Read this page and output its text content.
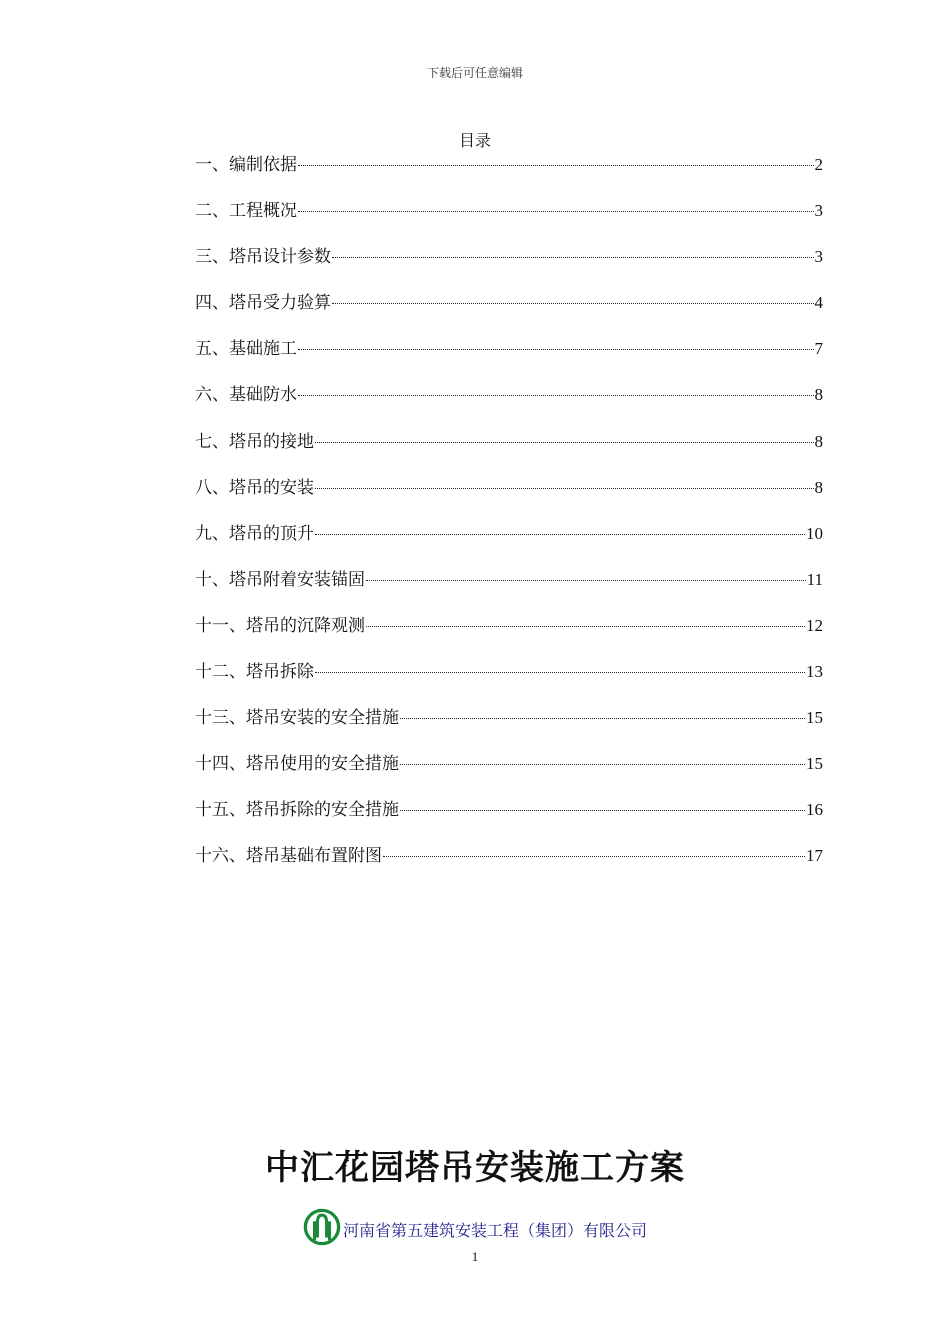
下载后可任意编辑
目录
一、编制依据	2
二、工程概况	3
三、塔吊设计参数	3
四、塔吊受力验算	4
五、基础施工	7
六、基础防水	8
七、塔吊的接地	8
八、塔吊的安装	8
九、塔吊的顶升	10
十、塔吊附着安装锚固	11
十一、塔吊的沉降观测	12
十二、塔吊拆除	13
十三、塔吊安装的安全措施	15
十四、塔吊使用的安全措施	15
十五、塔吊拆除的安全措施	16
十六、塔吊基础布置附图	17
中汇花园塔吊安装施工方案
河南省第五建筑安装工程（集团）有限公司
1
